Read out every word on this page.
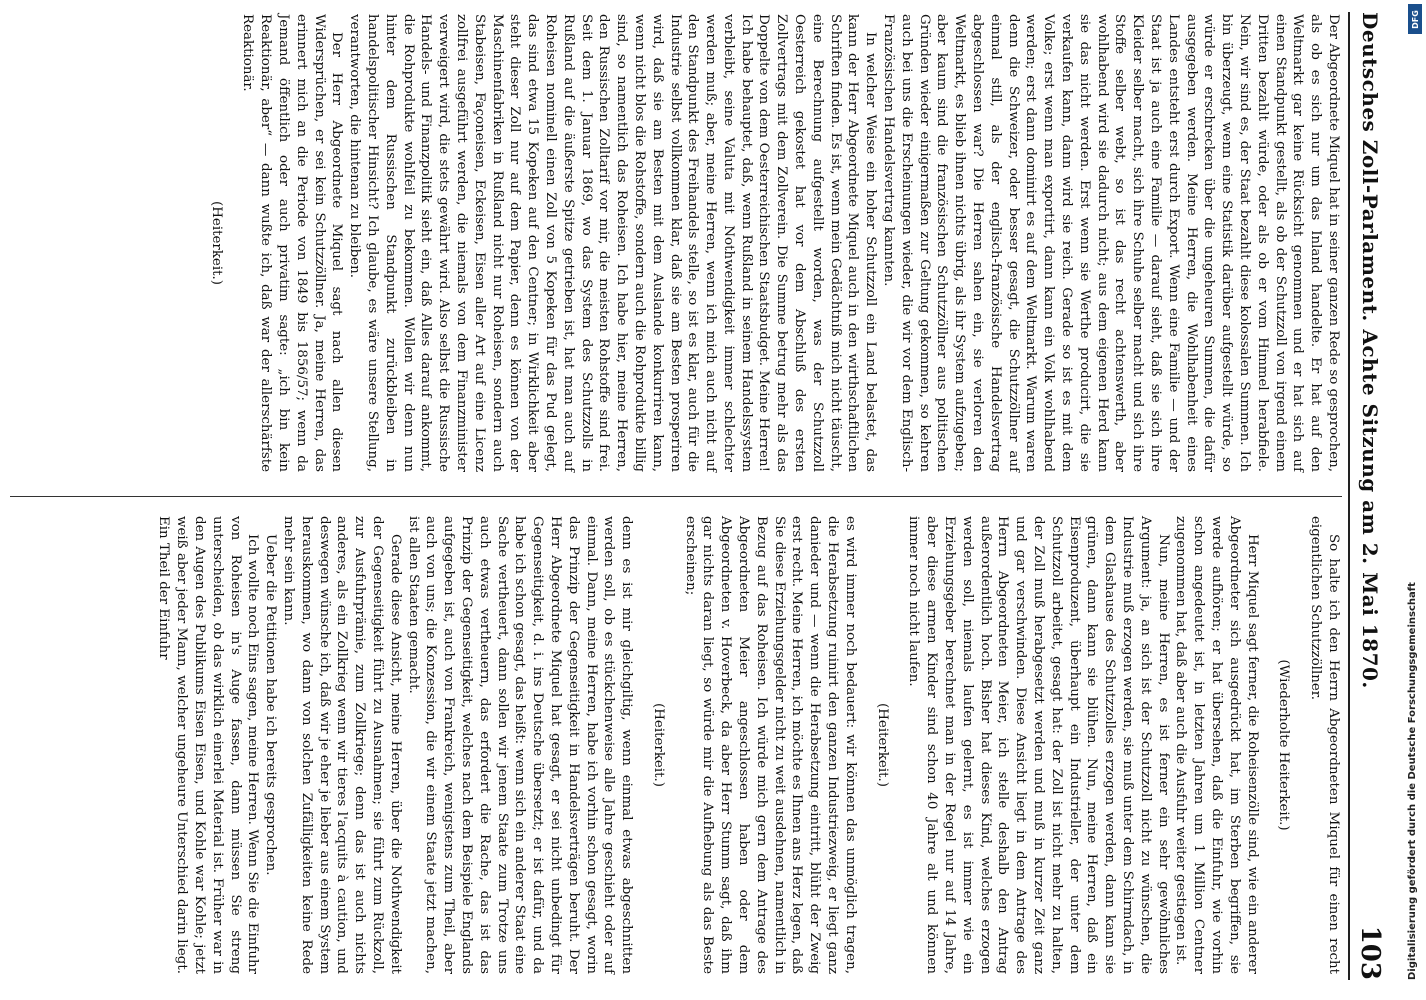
Deutsches Zoll-Parlament. Achte Sitzung am 2. Mai 1870.
103

Der Abgeordnete Miquel hat in seiner ganzen Rede so gesprochen, als ob es sich nur um das Inland handelte. Er hat auf den Weltmarkt gar keine Rücksicht genommen und er hat sich auf einen Standpunkt gestellt, als ob der Schutzzoll von irgend einem Dritten bezahlt würde, oder als ob er vom Himmel herabfiele. Nein, wir sind es, der Staat bezahlt diese kolossalen Summen. Ich bin überzeugt, wenn eine Statistik darüber aufgestellt würde, so würde er erschrecken über die ungeheuren Summen, die dafür ausgegeben werden. Meine Herren, die Wohlhabenheit eines Landes entsteht erst durch Export. Wenn eine Familie — und der Staat ist ja auch eine Familie — darauf sieht, daß sie sich ihre Kleider selber macht, sich ihre Schuhe selber macht und sich ihre Stoffe selber webt, so ist das recht achtenswerth, aber wohlhabend wird sie dadurch nicht; aus dem eigenen Herd kann sie das nicht werden. Erst wenn sie Werthe producirt, die sie verkaufen kann, dann wird sie reich. Gerade so ist es mit dem Volke; erst wenn man exportirt, dann kann ein Volk wohlhabend werden; erst dann dominirt es auf dem Weltmarkt. Warum waren denn die Schweizer, oder besser gesagt, die Schutzzöllner auf einmal still, als der englisch-französische Handelsvertrag abgeschlossen war? Die Herren sahen ein, sie verloren den Weltmarkt, es blieb ihnen nichts übrig, als ihr System aufzugeben; aber kaum sind die französischen Schutzzöllner aus politischen Gründen wieder einigermaßen zur Geltung gekommen, so kehren auch bei uns die Erscheinungen wieder, die wir vor dem Englisch-Französischen Handelsvertrag kannten.

In welcher Weise ein hoher Schutzzoll ein Land belastet, das kann der Herr Abgeordnete Miquel auch in den wirthschaftlichen Schriften finden. Es ist, wenn mein Gedächtniß mich nicht täuscht, eine Berechnung aufgestellt worden, was der Schutzzoll Oesterreich gekostet hat vor dem Abschluß des ersten Zollvertrags mit dem Zollverein. Die Summe betrug mehr als das Doppelte von dem Oesterreichischen Staatsbudget. Meine Herren! Ich habe behauptet, daß, wenn Rußland in seinem Handelssystem verbleibt, seine Valuta mit Nothwendigkeit immer schlechter werden muß; aber, meine Herren, wenn ich mich auch nicht auf den Standpunkt des Freihandels stelle, so ist es klar, auch für die Industrie selbst vollkommen klar, daß sie am Besten prosperiren wird, daß sie am Besten mit dem Auslande konkurriren kann, wenn nicht blos die Rohstoffe, sondern auch die Rohprodukte billig sind, so namentlich das Roheisen. Ich habe hier, meine Herren, den Russischen Zolltarif vor mir, die meisten Rohstoffe sind frei. Seit dem 1. Januar 1869, wo das System des Schutzzolls in Rußland auf die äußerste Spitze getrieben ist, hat man auch auf Roheisen nominell einen Zoll von 5 Kopeken für das Pud gelegt, das sind etwa 15 Kopeken auf den Centner; in Wirklichkeit aber steht dieser Zoll nur auf dem Papier, denn es können von der Maschinenfabriken in Rußland nicht nur Roheisen, sondern auch Stabeisen, Façoneisen, Eckeisen, Eisen aller Art auf eine Licenz zollfrei ausgeführt werden, die niemals von dem Finanzminister verweigert wird, die stets gewährt wird. Also selbst die Russische Handels- und Finanzpolitik sieht ein, daß Alles darauf ankommt, die Rohprodukte wohlfeil zu bekommen. Wollen wir denn nun hinter dem Russischen Standpunkt zurückbleiben in handelspolitischer Hinsicht? Ich glaube, es wäre unsere Stellung, verantworten, die hintenan zu bleiben.

Der Herr Abgeordnete Miquel sagt nach allen diesen Widersprüchen, er sei kein Schutzzöllner. Ja, meine Herren, das erinnert mich an die Periode von 1849 bis 1856/57; wenn da Jemand öffentlich oder auch privatim sagte: „ich bin kein Reaktionär, aber“ — dann wußte ich, daß war der allerschärfste Reaktionär.

(Heiterkeit.)

So halte ich den Herrn Abgeordneten Miquel für einen recht eigentlichen Schutzzöllner.

(Wiederholte Heiterkeit.)

Herr Miquel sagt ferner, die Roheisenzölle sind, wie ein anderer Abgeordneter sich ausgedrückt hat, im Sterben begriffen, sie werde aufhören; er hat übersehen, daß die Einfuhr, wie vorhin schon angedeutet ist, in letzten Jahren um 1 Million Centner zugenommen hat, daß aber auch die Ausfuhr weiter gestiegen ist.

Nun, meine Herren, es ist ferner ein sehr gewöhnliches Argument: ja, an sich ist der Schutzzoll nicht zu wünschen, die Industrie muß erzogen werden, sie muß unter dem Schirmdach, in dem Glashause des Schutzzolles erzogen werden, dann kann sie grünen, dann kann sie blühen. Nun, meine Herren, daß ein Eisenproduzent, überhaupt ein Industrieller, der unter dem Schutzzoll arbeitet, gesagt hat: der Zoll ist nicht mehr zu halten, der Zoll muß herabgesetzt werden und muß in kurzer Zeit ganz und gar verschwinden. Diese Ansicht liegt in dem Antrage des Herrn Abgeordneten Meier, ich stelle deshalb den Antrag außerordentlich hoch. Bisher hat dieses Kind, welches erzogen werden soll, niemals laufen gelernt, es ist immer wie ein Erziehungsgeber berechnet man in der Regel nur auf 14 Jahre, aber diese armen Kinder sind schon 40 Jahre alt und können immer noch nicht laufen.

(Heiterkeit.)

es wird immer noch bedauert: wir können das unmöglich tragen, die Herabsetzung ruinirt den ganzen Industriezweig, er liegt ganz danieder und — wenn die Herabsetzung eintritt, blüht der Zweig erst recht. Meine Herren, ich möchte es Ihnen ans Herz legen, daß Sie diese Erziehungsgelder nicht zu weit ausdehnen, namentlich in Bezug auf das Roheisen. Ich würde mich gern dem Antrage des Abgeordneten Meier angeschlossen haben oder dem Abgeordneten v. Hoverbeck, da aber Herr Stumm sagt, daß ihm gar nichts daran liegt, so würde mir die Aufhebung als das Beste erscheinen;

(Heiterkeit.)

denn es ist mir gleichgiltig, wenn einmal etwas abgeschnitten werden soll, ob es stückchenweise alle Jahre geschieht oder auf einmal. Dann, meine Herren, habe ich vorhin schon gesagt, worin das Prinzip der Gegenseitigkeit in Handelsverträgen beruht. Der Herr Abgeordnete Miquel hat gesagt, er sei nicht unbedingt für Gegenseitigkeit, d. i. ins Deutsche übersetzt; er ist dafür, und da habe ich schon gesagt, das heißt: wenn sich ein anderer Staat eine Sache vertheuert, dann sollen wir jenem Staate zum Trotze uns auch etwas vertheuern, das erfordert die Rache, das ist das Prinzip der Gegenseitigkeit, welches nach dem Beispiele Englands aufgegeben ist, auch von Frankreich, wenigstens zum Theil, aber auch von uns; die Konzession, die wir einem Staate jetzt machen, ist allen Staaten gemacht.

Gerade diese Ansicht, meine Herren, über die Nothwendigkeit der Gegenseitigkeit führt zu Ausnahmen; sie führt zum Rückzoll, zur Ausfuhrprämie, zum Zollkriege; denn das ist auch nichts anderes, als ein Zollkrieg wenn wir tieres l'acquits à caution, und deswegen wünsche ich, daß wir je eher je lieber aus einem System herauskommen, wo dann von solchen Zufälligkeiten keine Rede mehr sein kann.

Ueber die Petitionen habe ich bereits gesprochen.

Ich wollte noch Eins sagen, meine Herren. Wenn Sie die Einfuhr von Roheisen in's Auge fassen, dann müssen Sie streng unterscheiden, ob das wirklich einerlei Material ist. Früher war in den Augen des Publikums Eisen Eisen, und Kohle war Kohle; jetzt weiß aber jeder Mann, welcher ungeheure Unterschied darin liegt. Ein Theil der Einfuhr

DFG
Digitalisierung gefördert durch die Deutsche Forschungsgemeinschaft
